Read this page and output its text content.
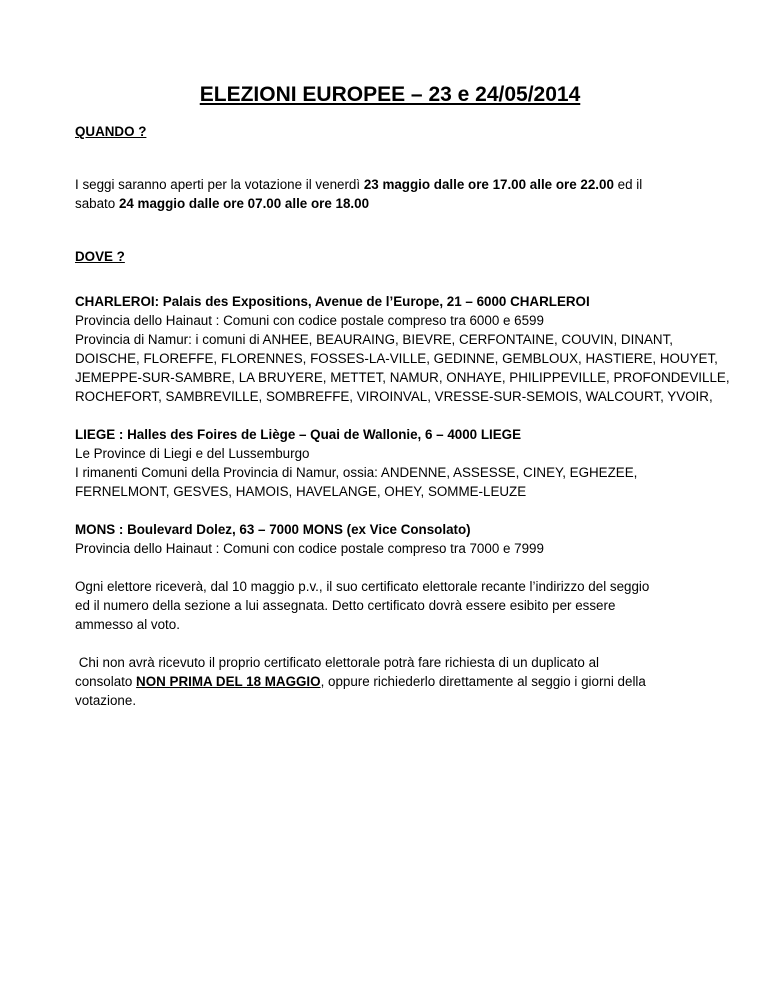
ELEZIONI EUROPEE – 23 e 24/05/2014

QUANDO ?

I seggi saranno aperti per la votazione il venerdì 23 maggio dalle ore 17.00 alle ore 22.00 ed il
sabato 24 maggio dalle ore 07.00 alle ore 18.00

DOVE ?

CHARLEROI: Palais des Expositions, Avenue de l’Europe, 21 – 6000 CHARLEROI
Provincia dello Hainaut : Comuni con codice postale compreso tra 6000 e 6599
Provincia di Namur: i comuni di ANHEE, BEAURAING, BIEVRE, CERFONTAINE, COUVIN, DINANT,
DOISCHE, FLOREFFE, FLORENNES, FOSSES-LA-VILLE, GEDINNE, GEMBLOUX, HASTIERE, HOUYET,
JEMEPPE-SUR-SAMBRE, LA BRUYERE, METTET, NAMUR, ONHAYE, PHILIPPEVILLE, PROFONDEVILLE,
ROCHEFORT, SAMBREVILLE, SOMBREFFE, VIROINVAL, VRESSE-SUR-SEMOIS, WALCOURT, YVOIR,

LIEGE : Halles des Foires de Liège – Quai de Wallonie, 6 – 4000 LIEGE
Le Province di Liegi e del Lussemburgo
I rimanenti Comuni della Provincia di Namur, ossia: ANDENNE, ASSESSE, CINEY, EGHEZEE,
FERNELMONT, GESVES, HAMOIS, HAVELANGE, OHEY, SOMME-LEUZE

MONS : Boulevard Dolez, 63 – 7000 MONS (ex Vice Consolato)
Provincia dello Hainaut : Comuni con codice postale compreso tra 7000 e 7999

Ogni elettore riceverà, dal 10 maggio p.v., il suo certificato elettorale recante l’indirizzo del seggio
ed il numero della sezione a lui assegnata. Detto certificato dovrà essere esibito per essere
ammesso al voto.

Chi non avrà ricevuto il proprio certificato elettorale potrà fare richiesta di un duplicato al
consolato NON PRIMA DEL 18 MAGGIO, oppure richiederlo direttamente al seggio i giorni della
votazione.
